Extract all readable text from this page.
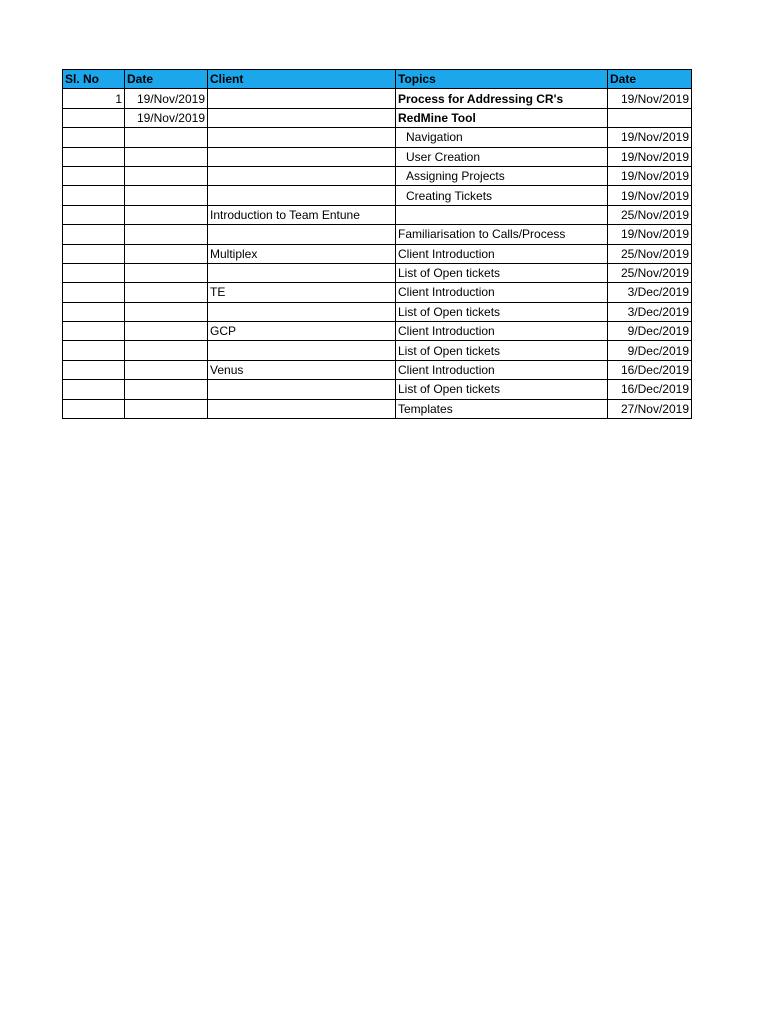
Sl. No	Date	Client	Topics	Date
1	19/Nov/2019		Process for Addressing CR's	19/Nov/2019
	19/Nov/2019		RedMine Tool	
			Navigation	19/Nov/2019
			User Creation	19/Nov/2019
			Assigning Projects	19/Nov/2019
			Creating Tickets	19/Nov/2019
		Introduction to Team Entune		25/Nov/2019
			Familiarisation to Calls/Process	19/Nov/2019
		Multiplex	Client Introduction	25/Nov/2019
			List of Open tickets	25/Nov/2019
		TE	Client Introduction	3/Dec/2019
			List of Open tickets	3/Dec/2019
		GCP	Client Introduction	9/Dec/2019
			List of Open tickets	9/Dec/2019
		Venus	Client Introduction	16/Dec/2019
			List of Open tickets	16/Dec/2019
			Templates	27/Nov/2019
